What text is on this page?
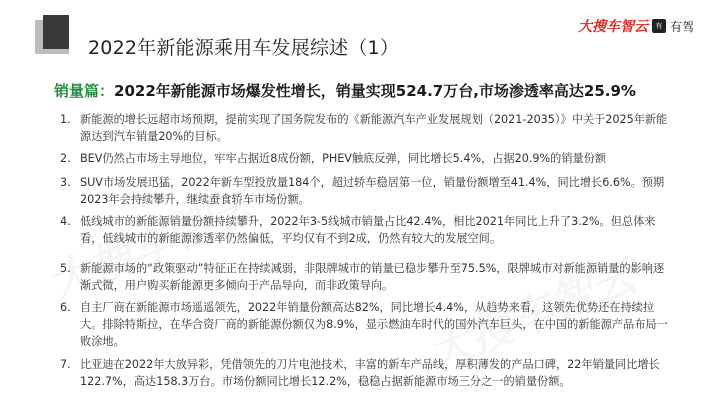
2022年新能源乘用车发展综述（1）
大搜车智云	有 有驾
销量篇：2022年新能源市场爆发性增长，销量实现524.7万台,市场渗透率高达25.9%
1. 新能源的增长远超市场预期，提前实现了国务院发布的《新能源汽车产业发展规划（2021-2035）》中关于2025年新能源达到汽车销量20%的目标。
2. BEV仍然占市场主导地位，牢牢占据近8成份额，PHEV触底反弹，同比增长5.4%，占据20.9%的销量份额
3. SUV市场发展迅猛，2022年新车型投放量184个，超过轿车稳居第一位，销量份额增至41.4%，同比增长6.6%。预期2023年会持续攀升，继续蚕食轿车市场份额。
4. 低线城市的新能源销量份额持续攀升，2022年3-5线城市销量占比42.4%，相比2021年同比上升了3.2%。但总体来看，低线城市的新能源渗透率仍然偏低，平均仅有不到2成，仍然有较大的发展空间。
5. 新能源市场的“政策驱动”特征正在持续减弱，非限牌城市的销量已稳步攀升至75.5%，限牌城市对新能源销量的影响逐渐式微，用户购买新能源更多倾向于产品导向，而非政策导向。
6. 自主厂商在新能源市场遥遥领先，2022年销量份额高达82%，同比增长4.4%，从趋势来看，这领先优势还在持续拉大。排除特斯拉，在华合资厂商的新能源份额仅为8.9%，显示燃油车时代的国外汽车巨头，在中国的新能源产品布局一败涂地。
7. 比亚迪在2022年大放异彩，凭借领先的刀片电池技术，丰富的新车产品线，厚积薄发的产品口碑，22年销量同比增长122.7%，高达158.3万台。市场份额同比增长12.2%，稳稳占据新能源市场三分之一的销量份额。
